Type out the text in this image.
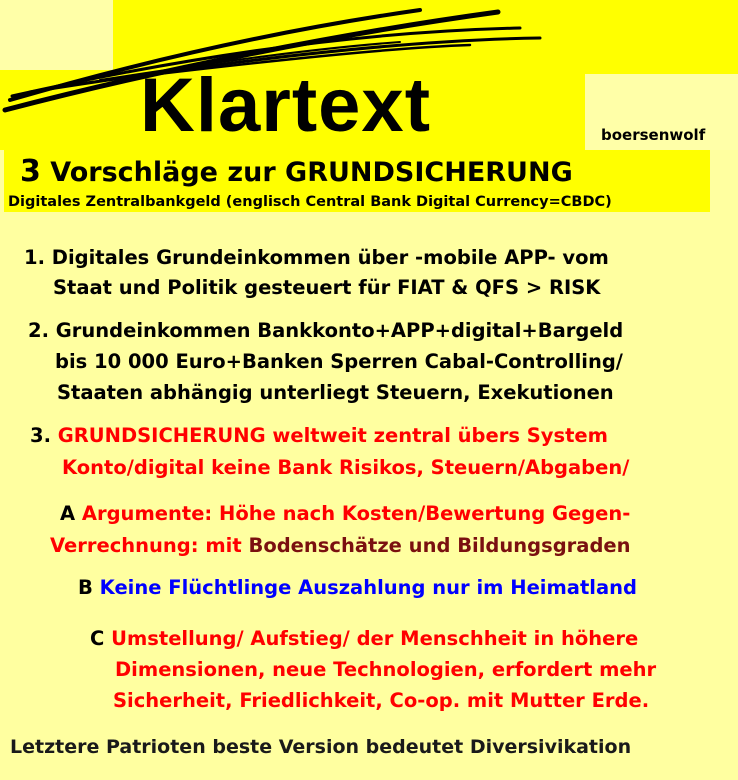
Klartext	boersenwolf
3 Vorschläge zur GRUNDSICHERUNG
Digitales Zentralbankgeld (englisch Central Bank Digital Currency=CBDC)
1. Digitales Grundeinkommen über -mobile APP- vom
Staat und Politik gesteuert für FIAT & QFS > RISK
2. Grundeinkommen Bankkonto+APP+digital+Bargeld
bis 10 000 Euro+Banken Sperren Cabal-Controlling/
Staaten abhängig unterliegt Steuern, Exekutionen
3. GRUNDSICHERUNG weltweit zentral übers System
Konto/digital keine Bank Risikos, Steuern/Abgaben/
A Argumente: Höhe nach Kosten/Bewertung Gegen-
Verrechnung: mit Bodenschätze und Bildungsgraden
B Keine Flüchtlinge Auszahlung nur im Heimatland
C Umstellung/ Aufstieg/ der Menschheit in höhere
Dimensionen, neue Technologien, erfordert mehr
Sicherheit, Friedlichkeit, Co-op. mit Mutter Erde.
Letztere Patrioten beste Version bedeutet Diversivikation
